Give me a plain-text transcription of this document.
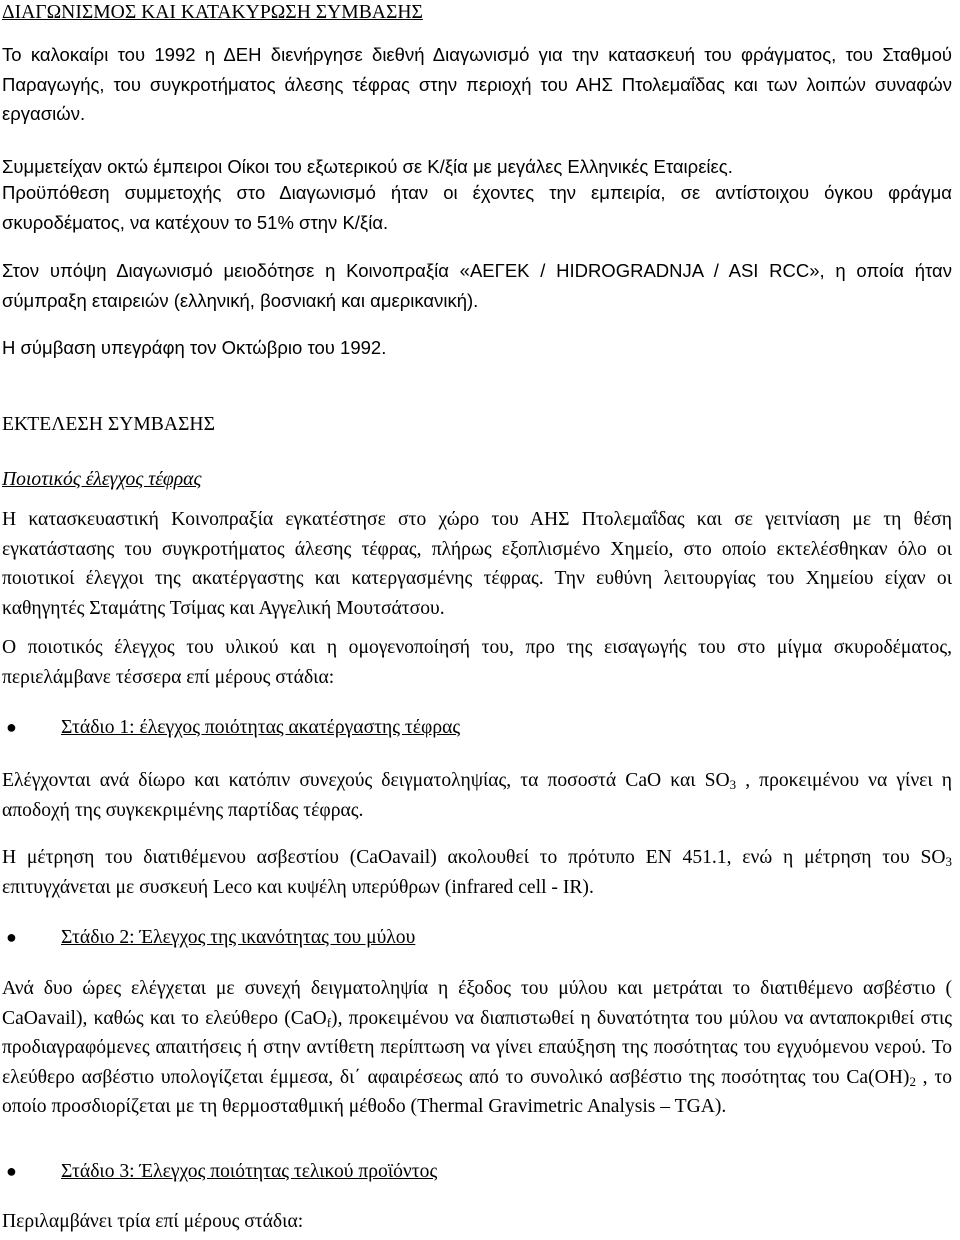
ΔΙΑΓΩΝΙΣΜΟΣ ΚΑΙ ΚΑΤΑΚΥΡΩΣΗ ΣΥΜΒΑΣΗΣ

Το καλοκαίρι του 1992 η ΔΕΗ διενήργησε διεθνή Διαγωνισμό για την κατασκευή του φράγματος, του Σταθμού Παραγωγής, του συγκροτήματος άλεσης τέφρας στην περιοχή του ΑΗΣ Πτολεμαΐδας και των λοιπών συναφών εργασιών.

Συμμετείχαν οκτώ έμπειροι Οίκοι του εξωτερικού σε Κ/ξία με μεγάλες Ελληνικές Εταιρείες.

Προϋπόθεση συμμετοχής στο Διαγωνισμό ήταν οι έχοντες την εμπειρία, σε αντίστοιχου όγκου φράγμα σκυροδέματος, να κατέχουν το 51% στην Κ/ξία.

Στον υπόψη Διαγωνισμό μειοδότησε η Κοινοπραξία «ΑΕΓΕΚ / HIDROGRADNJA / ASI RCC», η οποία ήταν σύμπραξη εταιρειών (ελληνική, βοσνιακή και αμερικανική).

Η σύμβαση υπεγράφη τον Οκτώβριο του 1992.

ΕΚΤΕΛΕΣΗ ΣΥΜΒΑΣΗΣ
Ποιοτικός έλεγχος τέφρας

Η κατασκευαστική Κοινοπραξία εγκατέστησε στο χώρο του ΑΗΣ Πτολεμαΐδας και σε γειτνίαση με τη θέση εγκατάστασης του συγκροτήματος άλεσης τέφρας, πλήρως εξοπλισμένο Χημείο, στο οποίο εκτελέσθηκαν όλο οι ποιοτικοί έλεγχοι της ακατέργαστης και κατεργασμένης τέφρας. Την ευθύνη λειτουργίας του Χημείου είχαν οι καθηγητές Σταμάτης Τσίμας και Αγγελική Μουτσάτσου.

Ο ποιοτικός έλεγχος του υλικού και η ομογενοποίησή του, προ της εισαγωγής του στο μίγμα σκυροδέματος, περιελάμβανε τέσσερα επί μέρους στάδια:

●	Στάδιο 1: έλεγχος ποιότητας ακατέργαστης τέφρας

Ελέγχονται ανά δίωρο και κατόπιν συνεχούς δειγματοληψίας, τα ποσοστά CaO και $SO_3$ , προκειμένου να γίνει η αποδοχή της συγκεκριμένης παρτίδας τέφρας.

Η μέτρηση του διατιθέμενου ασβεστίου (CaOavail) ακολουθεί το πρότυπο ΕΝ 451.1, ενώ η μέτρηση του $SO_3$ επιτυγχάνεται με συσκευή Leco και κυψέλη υπερύθρων (infrared cell - IR).

●	Στάδιο 2: Έλεγχος της ικανότητας του μύλου

Ανά δυο ώρες ελέγχεται με συνεχή δειγματοληψία η έξοδος του μύλου και μετράται το διατιθέμενο ασβέστιο ( CaOavail), καθώς και το ελεύθερο (CaO$_f$), προκειμένου να διαπιστωθεί η δυνατότητα του μύλου να ανταποκριθεί στις προδιαγραφόμενες απαιτήσεις ή στην αντίθετη περίπτωση να γίνει επαύξηση της ποσότητας του εγχυόμενου νερού. Το ελεύθερο ασβέστιο υπολογίζεται έμμεσα, δι΄ αφαιρέσεως από το συνολικό ασβέστιο της ποσότητας του $Ca(OH)_2$ , το οποίο προσδιορίζεται με τη θερμοσταθμική μέθοδο (Thermal Gravimetric Analysis – TGA).

●	Στάδιο 3: Έλεγχος ποιότητας τελικού προϊόντος

Περιλαμβάνει τρία επί μέρους στάδια:
